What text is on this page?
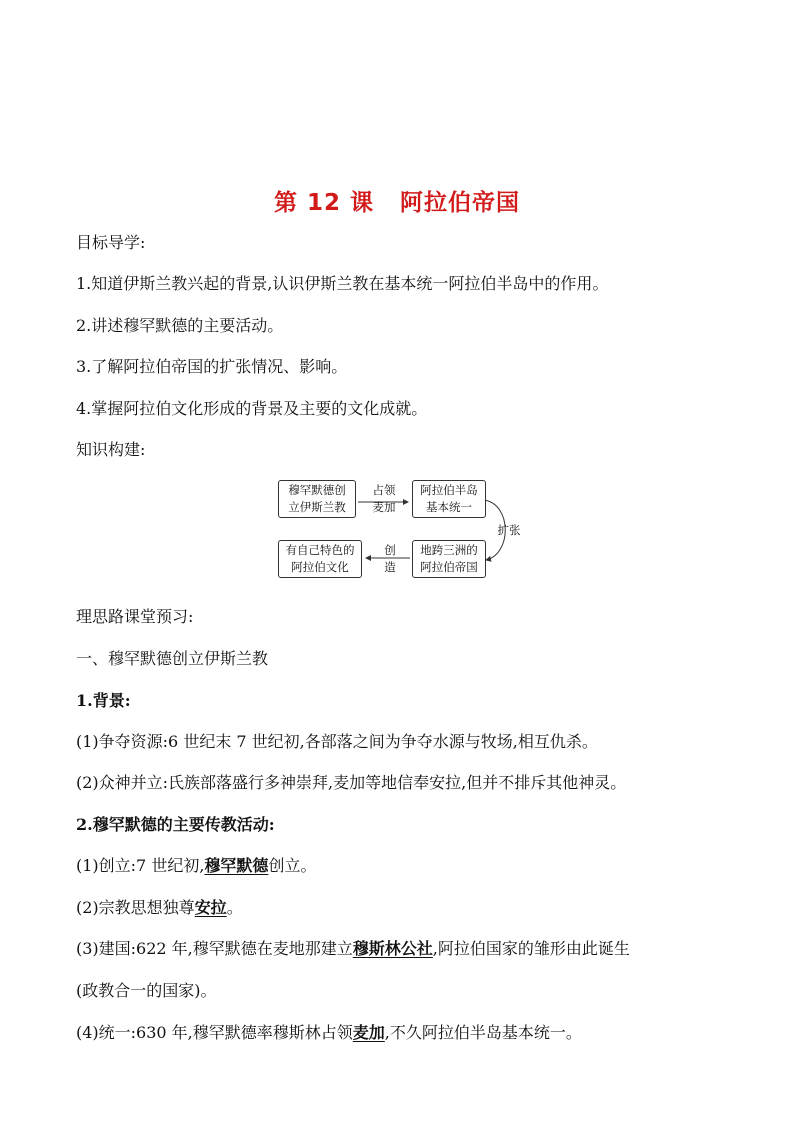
第 12 课 阿拉伯帝国
目标导学:
1.知道伊斯兰教兴起的背景,认识伊斯兰教在基本统一阿拉伯半岛中的作用。
2.讲述穆罕默德的主要活动。
3.了解阿拉伯帝国的扩张情况、影响。
4.掌握阿拉伯文化形成的背景及主要的文化成就。
知识构建:
穆罕默德创
立伊斯兰教
占领
麦加
阿拉伯半岛
基本统一
扩张
地跨三洲的
阿拉伯帝国
创
造
有自己特色的
阿拉伯文化
理思路课堂预习:
一、穆罕默德创立伊斯兰教
1.背景:
(1)争夺资源:6 世纪末 7 世纪初,各部落之间为争夺水源与牧场,相互仇杀。
(2)众神并立:氏族部落盛行多神崇拜,麦加等地信奉安拉,但并不排斥其他神灵。
2.穆罕默德的主要传教活动:
(1)创立:7 世纪初,穆罕默德创立。
(2)宗教思想独尊安拉。
(3)建国:622 年,穆罕默德在麦地那建立穆斯林公社,阿拉伯国家的雏形由此诞生
(政教合一的国家)。
(4)统一:630 年,穆罕默德率穆斯林占领麦加,不久阿拉伯半岛基本统一。
